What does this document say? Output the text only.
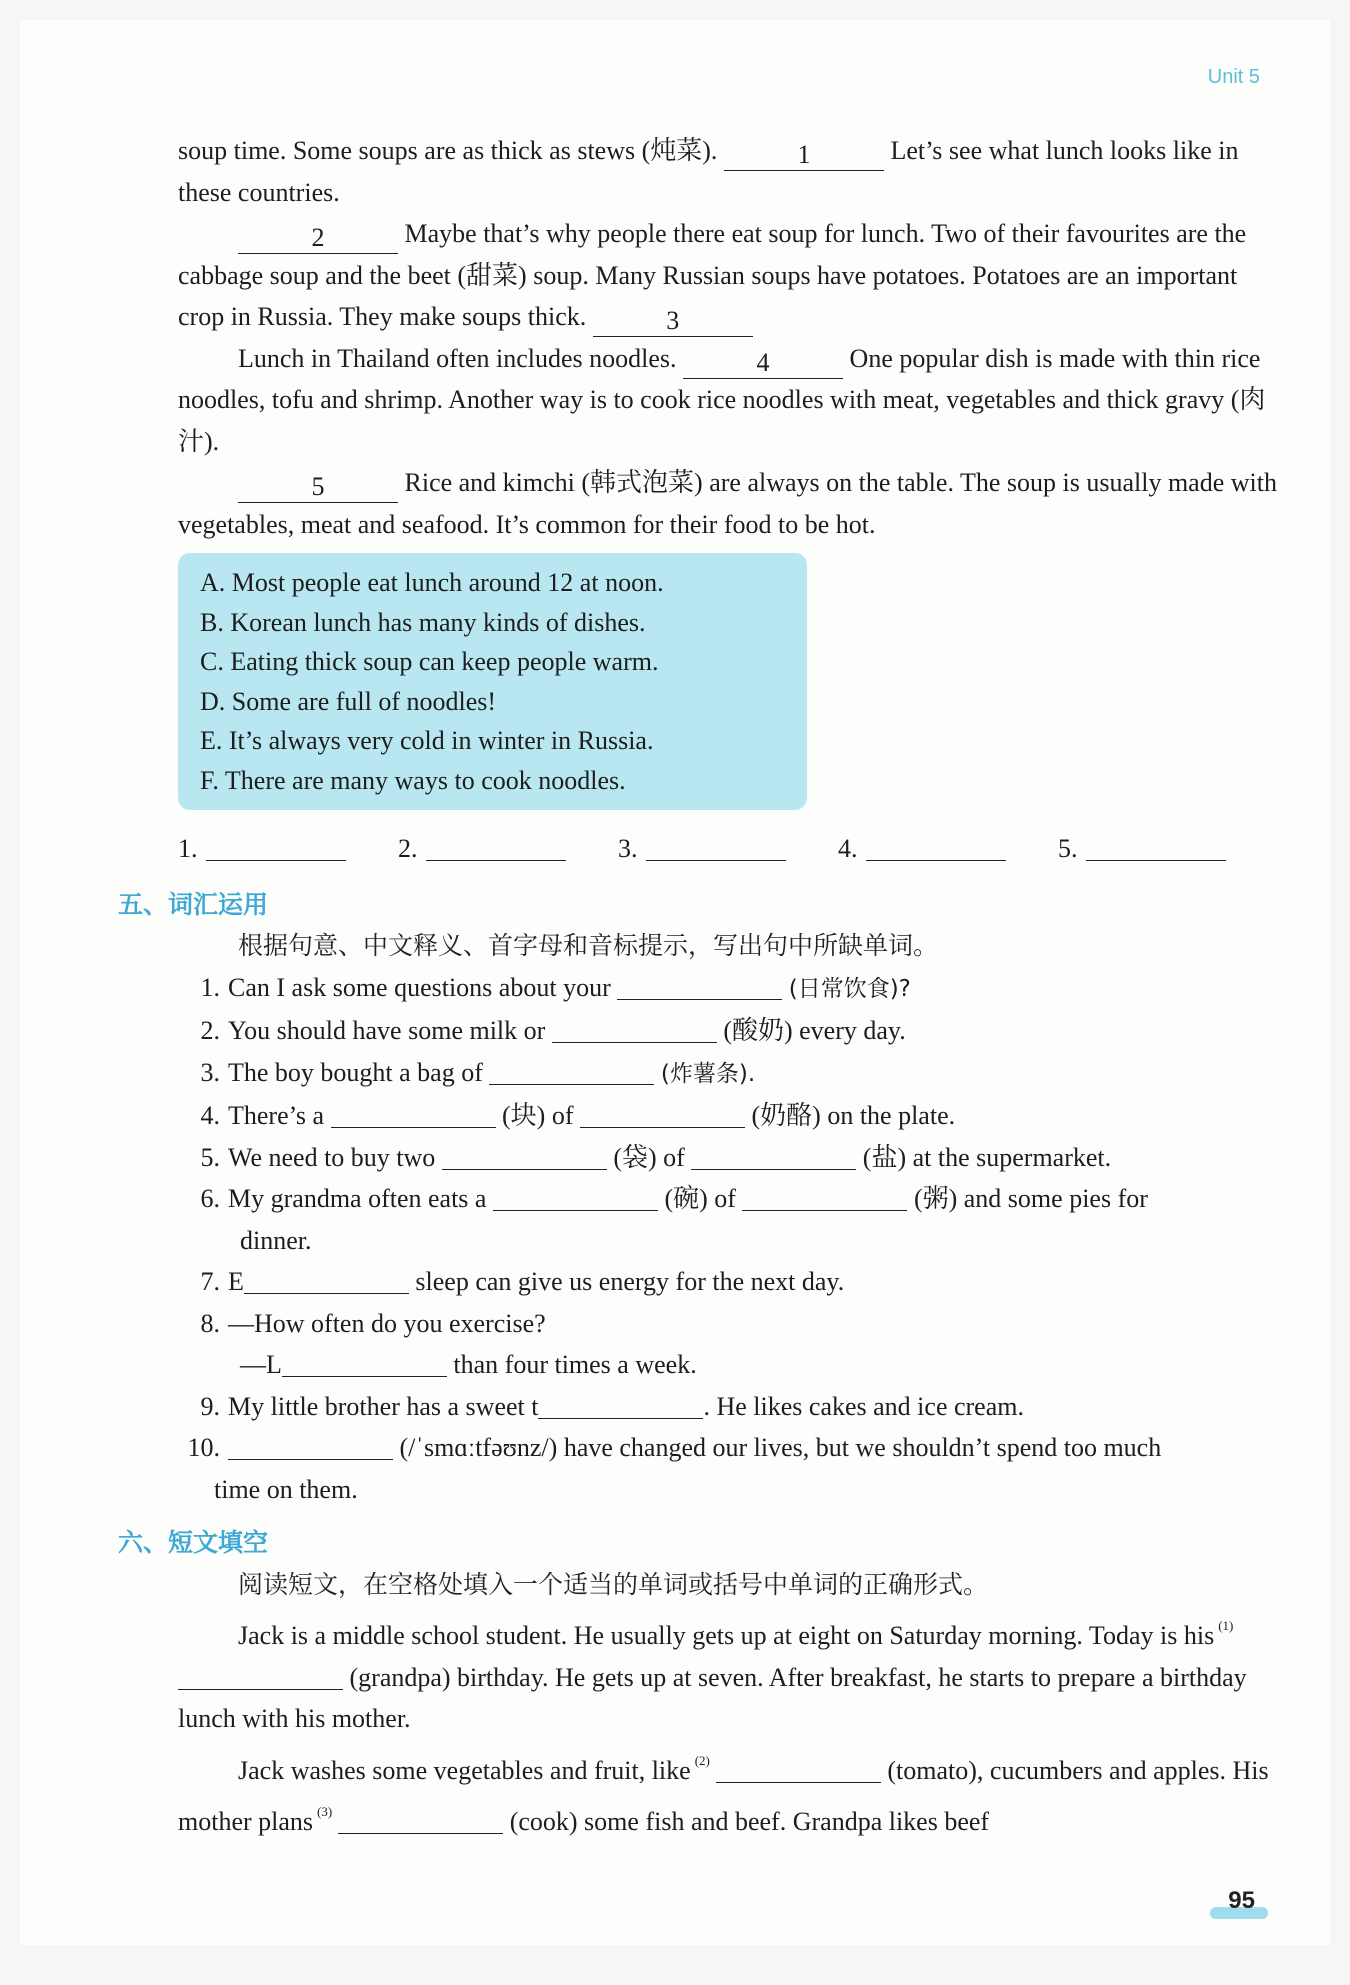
Unit 5

soup time. Some soups are as thick as stews (炖菜).	1	Let’s see what lunch looks like in these countries.

2	Maybe that’s why people there eat soup for lunch. Two of their favourites are the cabbage soup and the beet (甜菜) soup. Many Russian soups have potatoes. Potatoes are an important crop in Russia. They make soups thick.	3

Lunch in Thailand often includes noodles.	4	One popular dish is made with thin rice noodles, tofu and shrimp. Another way is to cook rice noodles with meat, vegetables and thick gravy (肉汁).

5	Rice and kimchi (韩式泡菜) are always on the table. The soup is usually made with vegetables, meat and seafood. It’s common for their food to be hot.

A. Most people eat lunch around 12 at noon.
B. Korean lunch has many kinds of dishes.
C. Eating thick soup can keep people warm.
D. Some are full of noodles!
E. It’s always very cold in winter in Russia.
F. There are many ways to cook noodles.
1.	2.	3.	4.	5.
五、词汇运用

根据句意、中文释义、首字母和音标提示，写出句中所缺单词。

1. Can I ask some questions about your	(日常饮食)?
2. You should have some milk or	(酸奶) every day.
3. The boy bought a bag of	(炸薯条).
4. There’s a	(块) of	(奶酪) on the plate.
5. We need to buy two	(袋) of	(盐) at the supermarket.
6. My grandma often eats a	(碗) of	(粥) and some pies for
dinner.
7. E	sleep can give us energy for the next day.
8. —How often do you exercise?
—L	than four times a week.
9. My little brother has a sweet t	. He likes cakes and ice cream.
10.	(/ˈsmɑːtfəʊnz/) have changed our lives, but we shouldn’t spend too much
time on them.
六、短文填空

阅读短文，在空格处填入一个适当的单词或括号中单词的正确形式。

Jack is a middle school student. He usually gets up at eight on Saturday morning. Today is his $^{(1)}$ (grandpa) birthday. He gets up at seven. After breakfast, he starts to prepare a birthday lunch with his mother.

Jack washes some vegetables and fruit, like $^{(2)}$	(tomato), cucumbers and apples. His mother plans $^{(3)}$	(cook) some fish and beef. Grandpa likes beef

95
